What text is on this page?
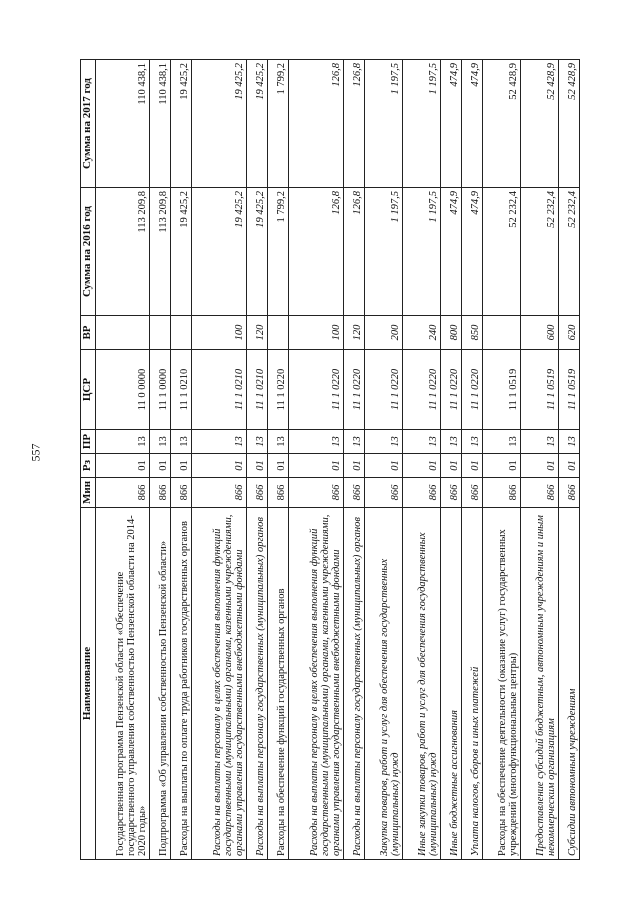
557
Наименование	Мин	Рз	ПР	ЦСР	ВР	Сумма на 2016 год	Сумма на 2017 год
Государственная программа Пензенской области «Обеспечение государственного управления собственностью Пензенской области на 2014-2020 годы»	866	01	13	11 0 0000		113 209,8	110 438,1
Подпрограмма «Об управлении собственностью Пензенской области»	866	01	13	11 1 0000		113 209,8	110 438,1
Расходы на выплаты по оплате труда работников государственных органов	866	01	13	11 1 0210		19 425,2	19 425,2
Расходы на выплаты персоналу в целях обеспечения выполнения функций государственными (муниципальными) органами, казенными учреждениями, органами управления государственными внебюджетными фондами	866	01	13	11 1 0210	100	19 425,2	19 425,2
Расходы на выплаты персоналу государственных (муниципальных) органов	866	01	13	11 1 0210	120	19 425,2	19 425,2
Расходы на обеспечение функций государственных органов	866	01	13	11 1 0220		1 799,2	1 799,2
Расходы на выплаты персоналу в целях обеспечения выполнения функций государственными (муниципальными) органами, казенными учреждениями, органами управления государственными внебюджетными фондами	866	01	13	11 1 0220	100	126,8	126,8
Расходы на выплаты персоналу государственных (муниципальных) органов	866	01	13	11 1 0220	120	126,8	126,8
Закупка товаров, работ и услуг для обеспечения государственных (муниципальных) нужд	866	01	13	11 1 0220	200	1 197,5	1 197,5
Иные закупки товаров, работ и услуг для обеспечения государственных (муниципальных) нужд	866	01	13	11 1 0220	240	1 197,5	1 197,5
Иные бюджетные ассигнования	866	01	13	11 1 0220	800	474,9	474,9
Уплата налогов, сборов и иных платежей	866	01	13	11 1 0220	850	474,9	474,9
Расходы на обеспечение деятельности (оказание услуг) государственных учреждений (многофункциональные центры)	866	01	13	11 1 0519		52 232,4	52 428,9
Предоставление субсидий бюджетным, автономным учреждениям и иным некоммерческим организациям	866	01	13	11 1 0519	600	52 232,4	52 428,9
Субсидии автономным учреждениям	866	01	13	11 1 0519	620	52 232,4	52 428,9
